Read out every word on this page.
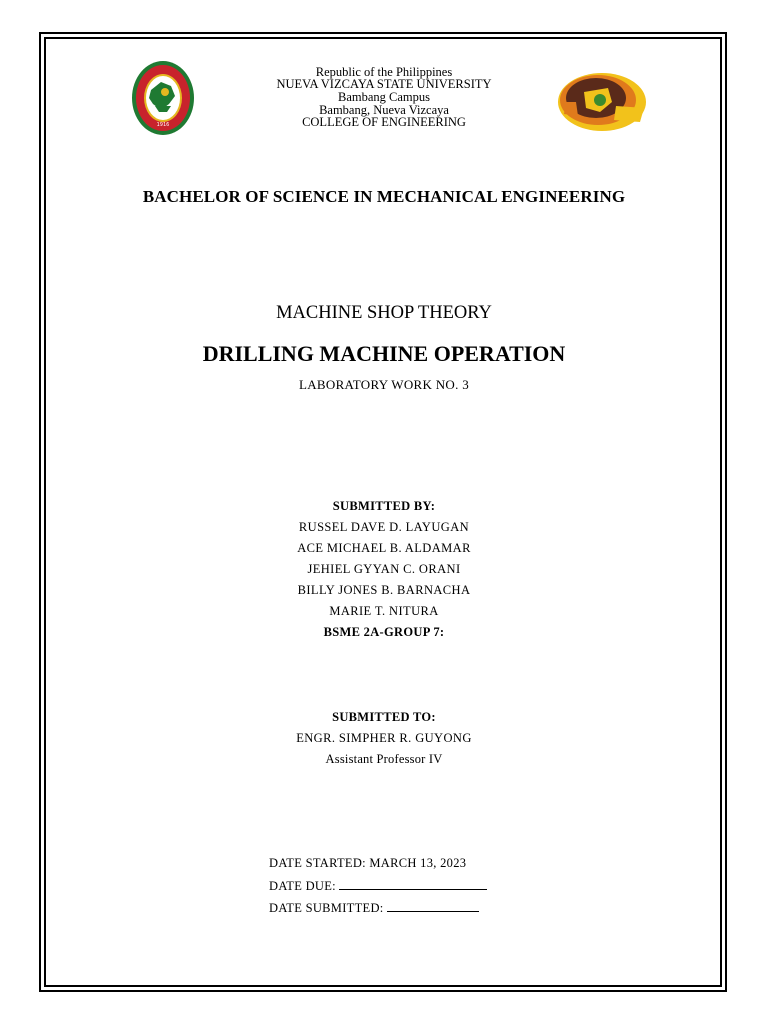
1916
Republic of the Philippines
NUEVA VIZCAYA STATE UNIVERSITY
Bambang Campus
Bambang, Nueva Vizcaya
COLLEGE OF ENGINEERING
BACHELOR OF SCIENCE IN MECHANICAL ENGINEERING
MACHINE SHOP THEORY
DRILLING MACHINE OPERATION
LABORATORY WORK NO. 3
SUBMITTED BY:
RUSSEL DAVE D. LAYUGAN
ACE MICHAEL B. ALDAMAR
JEHIEL GYYAN C. ORANI
BILLY JONES B. BARNACHA
MARIE T. NITURA
BSME 2A-GROUP 7:
SUBMITTED TO:
ENGR. SIMPHER R. GUYONG
Assistant Professor IV
DATE STARTED: MARCH 13, 2023
DATE DUE:
DATE SUBMITTED:
